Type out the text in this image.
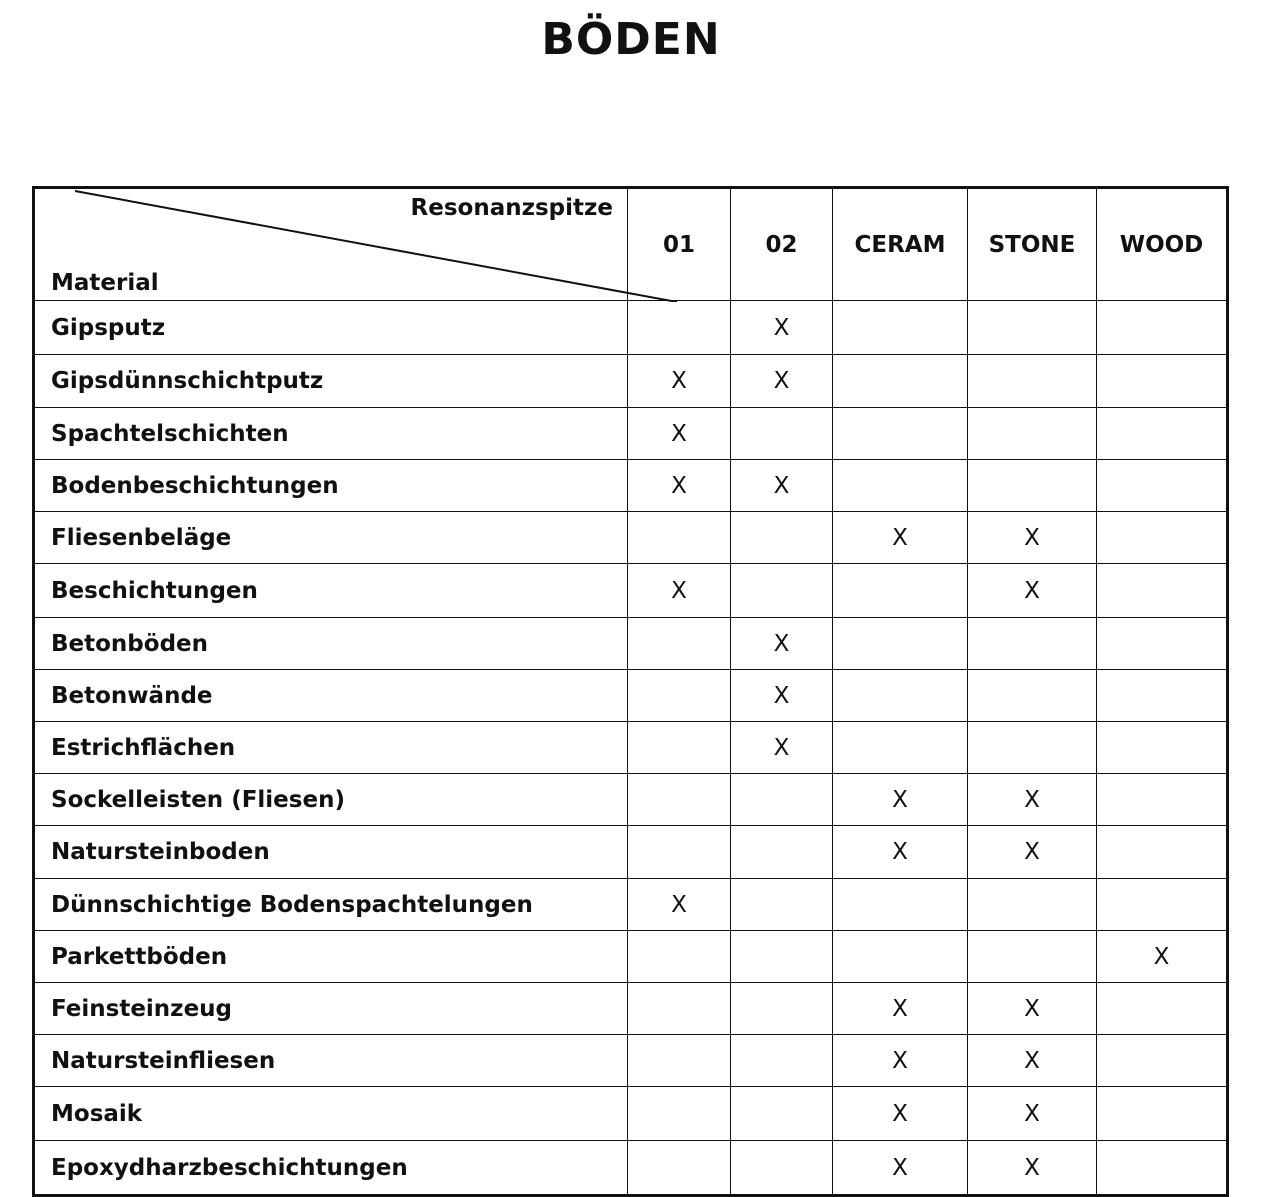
BÖDEN
Resonanzspitze
Material	01	02	CERAM	STONE	WOOD
Gipsputz		X			
Gipsdünnschichtputz	X	X			
Spachtelschichten	X				
Bodenbeschichtungen	X	X			
Fliesenbeläge			X	X	
Beschichtungen	X			X	
Betonböden		X			
Betonwände		X			
Estrichflächen		X			
Sockelleisten (Fliesen)			X	X	
Natursteinboden			X	X	
Dünnschichtige Bodenspachtelungen	X				
Parkettböden					X
Feinsteinzeug			X	X	
Natursteinfliesen			X	X	
Mosaik			X	X	
Epoxydharzbeschichtungen			X	X	
